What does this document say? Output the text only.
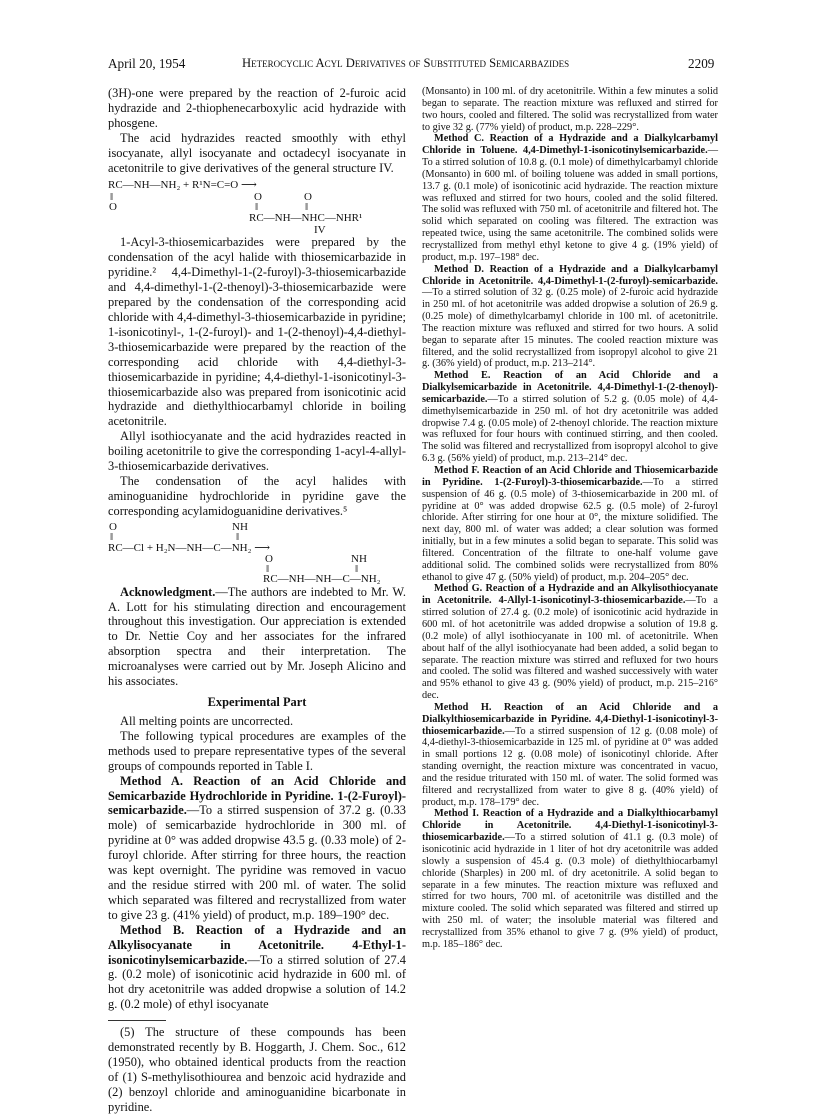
April 20, 1954	Heterocyclic Acyl Derivatives of Substituted Semicarbazides	2209

(3H)-one were prepared by the reaction of 2-furoic acid hydrazide and 2-thiophenecarboxylic acid hydrazide with phosgene.

The acid hydrazides reacted smoothly with ethyl isocyanate, allyl isocyanate and octadecyl isocyanate in acetonitrile to give derivatives of the general structure IV.

RC—NH—NH₂ + R¹N=C=O ⟶
‖
O
O	O
‖	‖
RC—NH—NHC—NHR¹
IV

1-Acyl-3-thiosemicarbazides were prepared by the condensation of the acyl halide with thiosemicarbazide in pyridine.² 4,4-Dimethyl-1-(2-furoyl)-3-thiosemicarbazide and 4,4-dimethyl-1-(2-thenoyl)-3-thiosemicarbazide were prepared by the condensation of the corresponding acid chloride with 4,4-dimethyl-3-thiosemicarbazide in pyridine; 1-isonicotinyl-, 1-(2-furoyl)- and 1-(2-thenoyl)-4,4-diethyl-3-thiosemicarbazide were prepared by the reaction of the corresponding acid chloride with 4,4-diethyl-3-thiosemicarbazide in pyridine; 4,4-diethyl-1-isonicotinyl-3-thiosemicarbazide also was prepared from isonicotinic acid hydrazide and diethylthiocarbamyl chloride in boiling acetonitrile.

Allyl isothiocyanate and the acid hydrazides reacted in boiling acetonitrile to give the corresponding 1-acyl-4-allyl-3-thiosemicarbazide derivatives.

The condensation of the acyl halides with aminoguanidine hydrochloride in pyridine gave the corresponding acylamidoguanidine derivatives.⁵

O	NH
‖	‖
RC—Cl + H₂N—NH—C—NH₂ ⟶
O	NH
‖	‖
RC—NH—NH—C—NH₂

Acknowledgment.—The authors are indebted to Mr. W. A. Lott for his stimulating direction and encouragement throughout this investigation. Our appreciation is extended to Dr. Nettie Coy and her associates for the infrared absorption spectra and their interpretation. The microanalyses were carried out by Mr. Joseph Alicino and his associates.

Experimental Part

All melting points are uncorrected.

The following typical procedures are examples of the methods used to prepare representative types of the several groups of compounds reported in Table I.

Method A. Reaction of an Acid Chloride and Semicarbazide Hydrochloride in Pyridine. 1-(2-Furoyl)-semicarbazide.—To a stirred suspension of 37.2 g. (0.33 mole) of semicarbazide hydrochloride in 300 ml. of pyridine at 0° was added dropwise 43.5 g. (0.33 mole) of 2-furoyl chloride. After stirring for three hours, the reaction was kept overnight. The pyridine was removed in vacuo and the residue stirred with 200 ml. of water. The solid which separated was filtered and recrystallized from water to give 23 g. (41% yield) of product, m.p. 189–190° dec.

Method B. Reaction of a Hydrazide and an Alkylisocyanate in Acetonitrile. 4-Ethyl-1-isonicotinylsemicarbazide.—To a stirred solution of 27.4 g. (0.2 mole) of isonicotinic acid hydrazide in 600 ml. of hot dry acetonitrile was added dropwise a solution of 14.2 g. (0.2 mole) of ethyl isocyanate

(5) The structure of these compounds has been demonstrated recently by B. Hoggarth, J. Chem. Soc., 612 (1950), who obtained identical products from the reaction of (1) S-methylisothiourea and benzoic acid hydrazide and (2) benzoyl chloride and aminoguanidine bicarbonate in pyridine.

(Monsanto) in 100 ml. of dry acetonitrile. Within a few minutes a solid began to separate. The reaction mixture was refluxed and stirred for two hours, cooled and filtered. The solid was recrystallized from water to give 32 g. (77% yield) of product, m.p. 228–229°.

Method C. Reaction of a Hydrazide and a Dialkylcarbamyl Chloride in Toluene. 4,4-Dimethyl-1-isonicotinylsemicarbazide.—To a stirred solution of 10.8 g. (0.1 mole) of dimethylcarbamyl chloride (Monsanto) in 600 ml. of boiling toluene was added in small portions, 13.7 g. (0.1 mole) of isonicotinic acid hydrazide. The reaction mixture was refluxed and stirred for two hours, cooled and the solid filtered. The solid was refluxed with 750 ml. of acetonitrile and filtered hot. The solid which separated on cooling was filtered. The extraction was repeated twice, using the same acetonitrile. The combined solids were recrystallized from methyl ethyl ketone to give 4 g. (19% yield) of product, m.p. 197–198° dec.

Method D. Reaction of a Hydrazide and a Dialkylcarbamyl Chloride in Acetonitrile. 4,4-Dimethyl-1-(2-furoyl)-semicarbazide.—To a stirred solution of 32 g. (0.25 mole) of 2-furoic acid hydrazide in 250 ml. of hot acetonitrile was added dropwise a solution of 26.9 g. (0.25 mole) of dimethylcarbamyl chloride in 100 ml. of acetonitrile. The reaction mixture was refluxed and stirred for two hours. A solid began to separate after 15 minutes. The cooled reaction mixture was filtered, and the solid recrystallized from isopropyl alcohol to give 21 g. (36% yield) of product, m.p. 213–214°.

Method E. Reaction of an Acid Chloride and a Dialkylsemicarbazide in Acetonitrile. 4,4-Dimethyl-1-(2-thenoyl)-semicarbazide.—To a stirred solution of 5.2 g. (0.05 mole) of 4,4-dimethylsemicarbazide in 250 ml. of hot dry acetonitrile was added dropwise 7.4 g. (0.05 mole) of 2-thenoyl chloride. The reaction mixture was refluxed for four hours with continued stirring, and then cooled. The solid was filtered and recrystallized from isopropyl alcohol to give 6.3 g. (56% yield) of product, m.p. 213–214° dec.

Method F. Reaction of an Acid Chloride and Thiosemicarbazide in Pyridine. 1-(2-Furoyl)-3-thiosemicarbazide.—To a stirred suspension of 46 g. (0.5 mole) of 3-thiosemicarbazide in 200 ml. of pyridine at 0° was added dropwise 62.5 g. (0.5 mole) of 2-furoyl chloride. After stirring for one hour at 0°, the mixture solidified. The next day, 800 ml. of water was added; a clear solution was formed initially, but in a few minutes a solid began to separate. This solid was filtered. Concentration of the filtrate to one-half volume gave additional solid. The combined solids were recrystallized from 80% ethanol to give 47 g. (50% yield) of product, m.p. 204–205° dec.

Method G. Reaction of a Hydrazide and an Alkylisothiocyanate in Acetonitrile. 4-Allyl-1-isonicotinyl-3-thiosemicarbazide.—To a stirred solution of 27.4 g. (0.2 mole) of isonicotinic acid hydrazide in 600 ml. of hot acetonitrile was added dropwise a solution of 19.8 g. (0.2 mole) of allyl isothiocyanate in 100 ml. of acetonitrile. When about half of the allyl isothiocyanate had been added, a solid began to separate. The reaction mixture was stirred and refluxed for two hours and cooled. The solid was filtered and washed successively with water and 95% ethanol to give 43 g. (90% yield) of product, m.p. 215–216° dec.

Method H. Reaction of an Acid Chloride and a Dialkylthiosemicarbazide in Pyridine. 4,4-Diethyl-1-isonicotinyl-3-thiosemicarbazide.—To a stirred suspension of 12 g. (0.08 mole) of 4,4-diethyl-3-thiosemicarbazide in 125 ml. of pyridine at 0° was added in small portions 12 g. (0.08 mole) of isonicotinyl chloride. After standing overnight, the reaction mixture was concentrated in vacuo, and the residue triturated with 150 ml. of water. The solid formed was filtered and recrystallized from water to give 8 g. (40% yield) of product, m.p. 178–179° dec.

Method I. Reaction of a Hydrazide and a Dialkylthiocarbamyl Chloride in Acetonitrile. 4,4-Diethyl-1-isonicotinyl-3-thiosemicarbazide.—To a stirred solution of 41.1 g. (0.3 mole) of isonicotinic acid hydrazide in 1 liter of hot dry acetonitrile was added slowly a suspension of 45.4 g. (0.3 mole) of diethylthiocarbamyl chloride (Sharples) in 200 ml. of dry acetonitrile. A solid began to separate in a few minutes. The reaction mixture was refluxed and stirred for two hours, 700 ml. of acetonitrile was distilled and the mixture cooled. The solid which separated was filtered and stirred up with 250 ml. of water; the insoluble material was filtered and recrystallized from 35% ethanol to give 7 g. (9% yield) of product, m.p. 185–186° dec.
